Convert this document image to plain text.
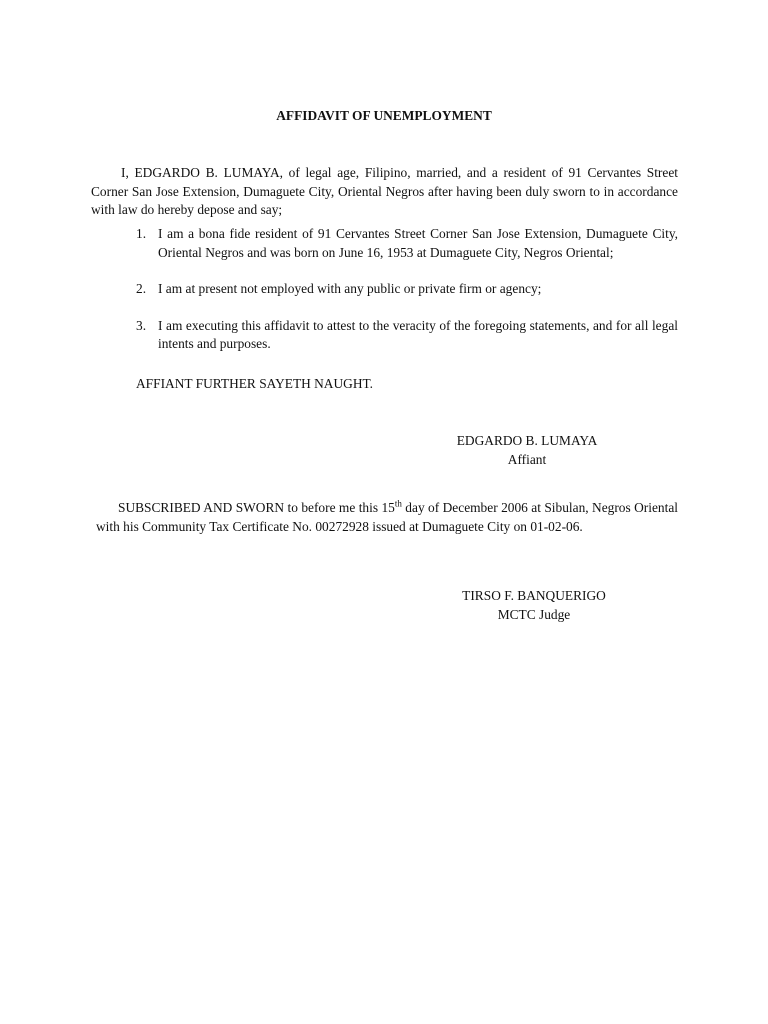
AFFIDAVIT OF UNEMPLOYMENT

I, EDGARDO B. LUMAYA, of legal age, Filipino, married, and a resident of 91 Cervantes Street Corner San Jose Extension, Dumaguete City, Oriental Negros after having been duly sworn to in accordance with law do hereby depose and say;

1. I am a bona fide resident of 91 Cervantes Street Corner San Jose Extension, Dumaguete City, Oriental Negros and was born on June 16, 1953 at Dumaguete City, Negros Oriental;
2. I am at present not employed with any public or private firm or agency;
3. I am executing this affidavit to attest to the veracity of the foregoing statements, and for all legal intents and purposes.
AFFIANT FURTHER SAYETH NAUGHT.
EDGARDO B. LUMAYA
Affiant

SUBSCRIBED AND SWORN to before me this 15th day of December 2006 at Sibulan, Negros Oriental with his Community Tax Certificate No. 00272928 issued at Dumaguete City on 01-02-06.

TIRSO F. BANQUERIGO
MCTC Judge
